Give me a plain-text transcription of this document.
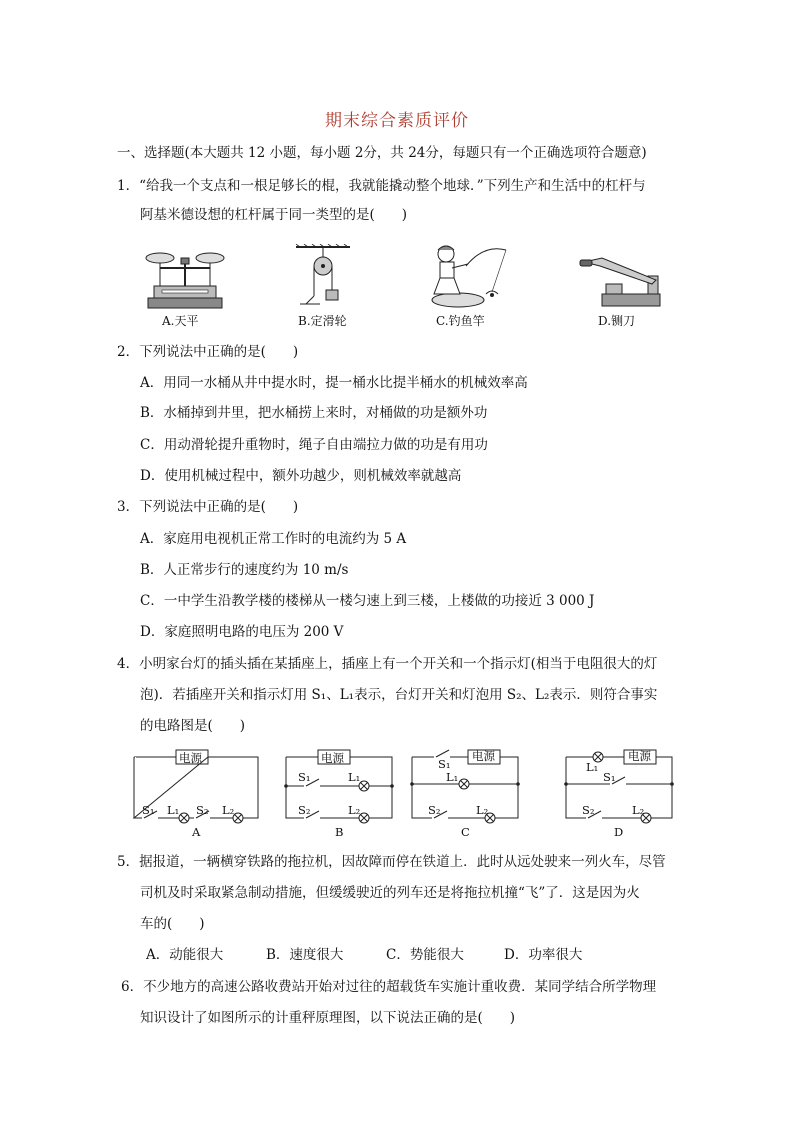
期末综合素质评价
一、选择题(本大题共 12 小题，每小题 2分，共 24分，每题只有一个正确选项符合题意)
1．“给我一个支点和一根足够长的棍，我就能撬动整个地球．”下列生产和生活中的杠杆与
阿基米德设想的杠杆属于同一类型的是(　　)
A.天平	B.定滑轮	C.钓鱼竿	D.铡刀
2．下列说法中正确的是(　　)
A．用同一水桶从井中提水时，提一桶水比提半桶水的机械效率高
B．水桶掉到井里，把水桶捞上来时，对桶做的功是额外功
C．用动滑轮提升重物时，绳子自由端拉力做的功是有用功
D．使用机械过程中，额外功越少，则机械效率就越高
3．下列说法中正确的是(　　)
A．家庭用电视机正常工作时的电流约为 5 A
B．人正常步行的速度约为 10 m/s
C．一中学生沿教学楼的楼梯从一楼匀速上到三楼，上楼做的功接近 3 000 J
D．家庭照明电路的电压为 200 V
4．小明家台灯的插头插在某插座上，插座上有一个开关和一个指示灯(相当于电阻很大的灯
泡)．若插座开关和指示灯用 S₁、L₁表示，台灯开关和灯泡用 S₂、L₂表示．则符合事实
的电路图是(　　)
电源
S₁ L₁ S₂ L₂
A
电源
S₁	L₁
S₂	L₂
B
电源
S₁
L₁
S₂	L₂
C
电源
L₁
S₁
S₂	L₂
D
5．据报道，一辆横穿铁路的拖拉机，因故障而停在铁道上．此时从远处驶来一列火车，尽管
司机及时采取紧急制动措施，但缓缓驶近的列车还是将拖拉机撞“飞”了．这是因为火
车的(　　)
A．动能很大	B．速度很大	C．势能很大	D．功率很大
6．不少地方的高速公路收费站开始对过往的超载货车实施计重收费．某同学结合所学物理
知识设计了如图所示的计重秤原理图，以下说法正确的是(　　)
